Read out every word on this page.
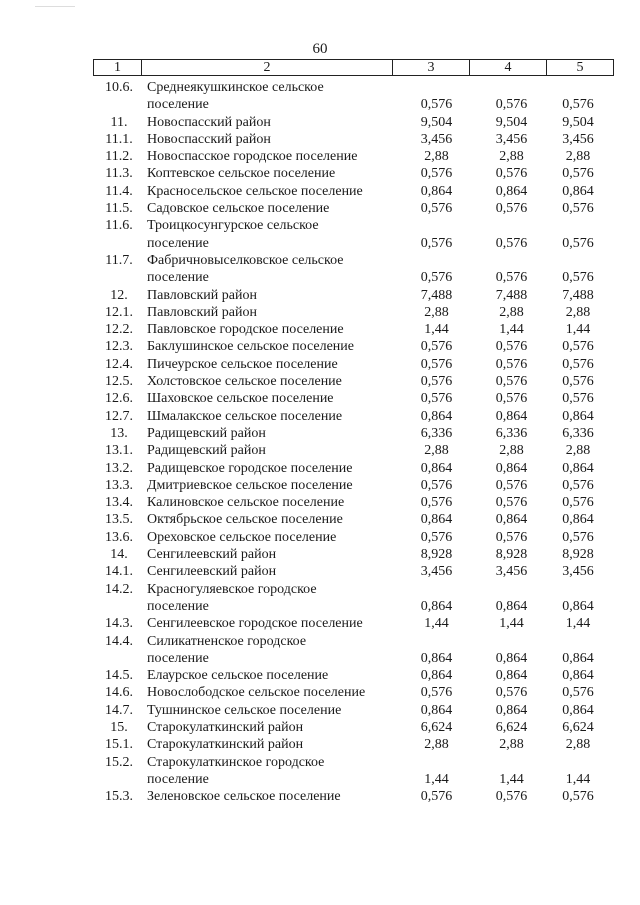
60
1	2	3	4	5
10.6.	Среднеякушкинское сельское
поселение	0,576	0,576	0,576
11.	Новоспасский район	9,504	9,504	9,504
11.1.	Новоспасский район	3,456	3,456	3,456
11.2.	Новоспасское городское поселение	2,88	2,88	2,88
11.3.	Коптевское сельское поселение	0,576	0,576	0,576
11.4.	Красносельское сельское поселение	0,864	0,864	0,864
11.5.	Садовское сельское поселение	0,576	0,576	0,576
11.6.	Троицкосунгурское сельское
поселение	0,576	0,576	0,576
11.7.	Фабричновыселковское сельское
поселение	0,576	0,576	0,576
12.	Павловский район	7,488	7,488	7,488
12.1.	Павловский район	2,88	2,88	2,88
12.2.	Павловское городское поселение	1,44	1,44	1,44
12.3.	Баклушинское сельское поселение	0,576	0,576	0,576
12.4.	Пичеурское сельское поселение	0,576	0,576	0,576
12.5.	Холстовское сельское поселение	0,576	0,576	0,576
12.6.	Шаховское сельское поселение	0,576	0,576	0,576
12.7.	Шмалакское сельское поселение	0,864	0,864	0,864
13.	Радищевский район	6,336	6,336	6,336
13.1.	Радищевский район	2,88	2,88	2,88
13.2.	Радищевское городское поселение	0,864	0,864	0,864
13.3.	Дмитриевское сельское поселение	0,576	0,576	0,576
13.4.	Калиновское сельское поселение	0,576	0,576	0,576
13.5.	Октябрьское сельское поселение	0,864	0,864	0,864
13.6.	Ореховское сельское поселение	0,576	0,576	0,576
14.	Сенгилеевский район	8,928	8,928	8,928
14.1.	Сенгилеевский район	3,456	3,456	3,456
14.2.	Красногуляевское городское
поселение	0,864	0,864	0,864
14.3.	Сенгилеевское городское поселение	1,44	1,44	1,44
14.4.	Силикатненское городское
поселение	0,864	0,864	0,864
14.5.	Елаурское сельское поселение	0,864	0,864	0,864
14.6.	Новослободское сельское поселение	0,576	0,576	0,576
14.7.	Тушнинское сельское поселение	0,864	0,864	0,864
15.	Старокулаткинский район	6,624	6,624	6,624
15.1.	Старокулаткинский район	2,88	2,88	2,88
15.2.	Старокулаткинское городское
поселение	1,44	1,44	1,44
15.3.	Зеленовское сельское поселение	0,576	0,576	0,576
